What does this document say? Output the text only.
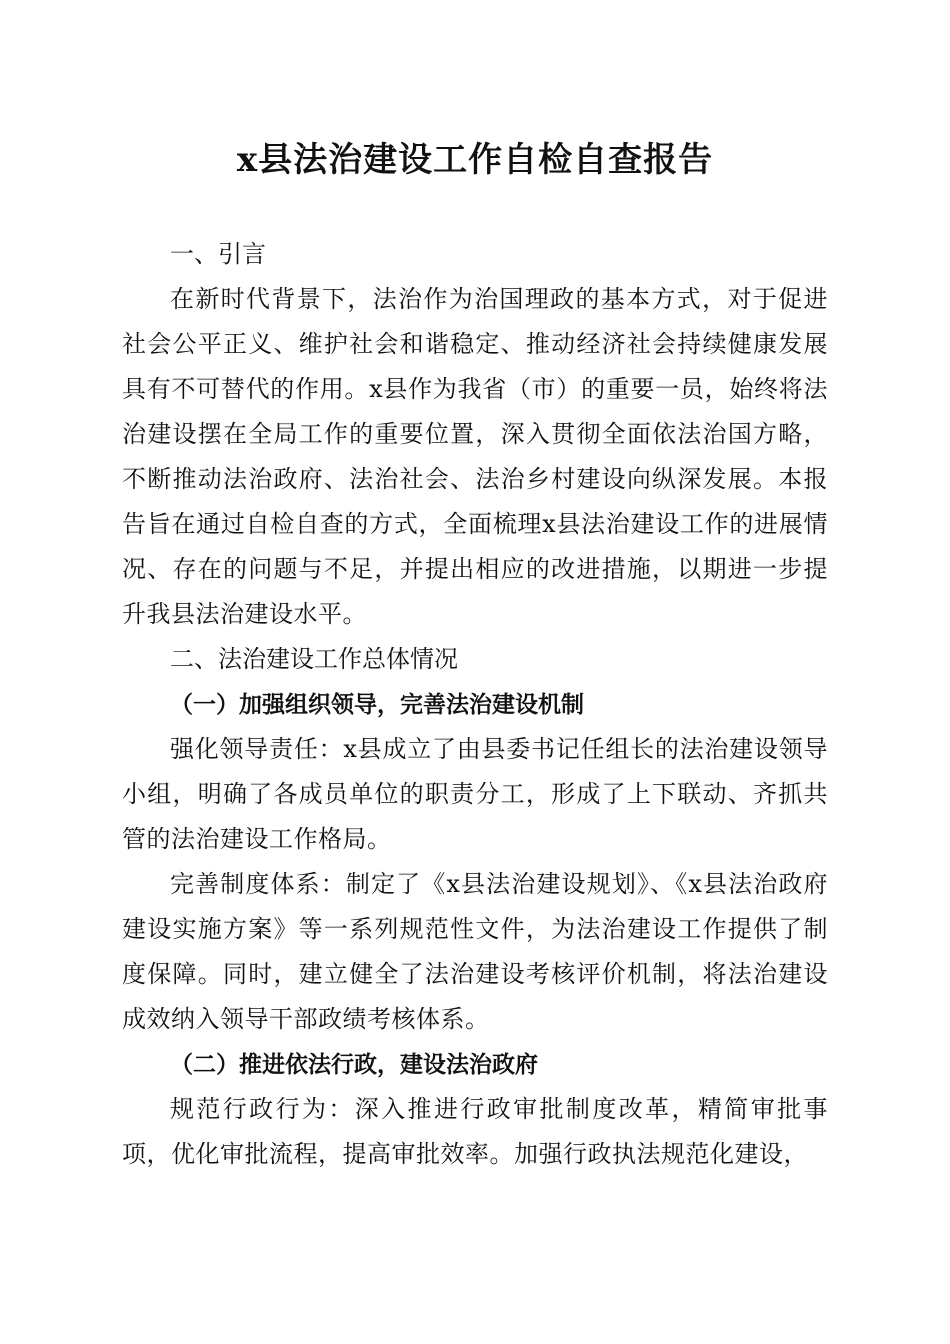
x县法治建设工作自检自查报告

一、引言

在新时代背景下，法治作为治国理政的基本方式，对于促进社会公平正义、维护社会和谐稳定、推动经济社会持续健康发展具有不可替代的作用。x县作为我省（市）的重要一员，始终将法治建设摆在全局工作的重要位置，深入贯彻全面依法治国方略，不断推动法治政府、法治社会、法治乡村建设向纵深发展。本报告旨在通过自检自查的方式，全面梳理x县法治建设工作的进展情况、存在的问题与不足，并提出相应的改进措施，以期进一步提升我县法治建设水平。

二、法治建设工作总体情况

（一）加强组织领导，完善法治建设机制

强化领导责任：x县成立了由县委书记任组长的法治建设领导小组，明确了各成员单位的职责分工，形成了上下联动、齐抓共管的法治建设工作格局。

完善制度体系：制定了《x县法治建设规划》、《x县法治政府建设实施方案》等一系列规范性文件，为法治建设工作提供了制度保障。同时，建立健全了法治建设考核评价机制，将法治建设成效纳入领导干部政绩考核体系。

（二）推进依法行政，建设法治政府

规范行政行为：深入推进行政审批制度改革，精简审批事项，优化审批流程，提高审批效率。加强行政执法规范化建设，
